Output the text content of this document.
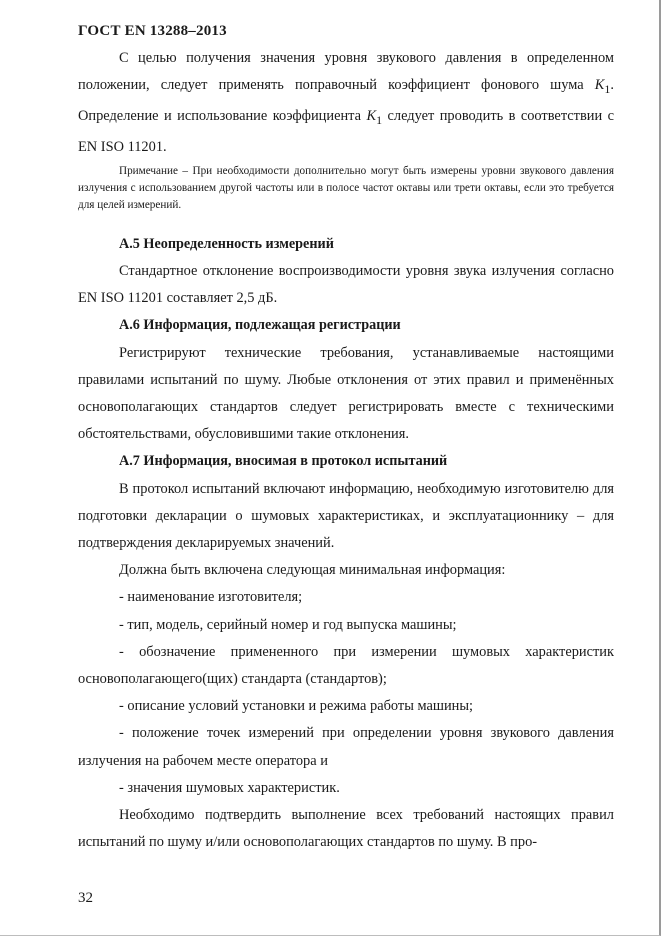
ГОСТ EN 13288–2013

С целью получения значения уровня звукового давления в определенном положении, следует применять поправочный коэффициент фонового шума $K_1$. Определение и использование коэффициента $K_1$ следует проводить в соответствии с EN ISO 11201.

Примечание – При необходимости дополнительно могут быть измерены уровни звукового давления излучения с использованием другой частоты или в полосе частот октавы или трети октавы, если это требуется для целей измерений.

А.5 Неопределенность измерений

Стандартное отклонение воспроизводимости уровня звука излучения согласно EN ISO 11201 составляет 2,5 дБ.

А.6 Информация, подлежащая регистрации

Регистрируют технические требования, устанавливаемые настоящими правилами испытаний по шуму. Любые отклонения от этих правил и применённых основополагающих стандартов следует регистрировать вместе с техническими обстоятельствами, обусловившими такие отклонения.

А.7 Информация, вносимая в протокол испытаний

В протокол испытаний включают информацию, необходимую изготовителю для подготовки декларации о шумовых характеристиках, и эксплуатационнику – для подтверждения декларируемых значений.

Должна быть включена следующая минимальная информация:

- наименование изготовителя;

- тип, модель, серийный номер и год выпуска машины;

- обозначение примененного при измерении шумовых характеристик основополагающего(щих) стандарта (стандартов);

- описание условий установки и режима работы машины;

- положение точек измерений при определении уровня звукового давления излучения на рабочем месте оператора и

- значения шумовых характеристик.

Необходимо подтвердить выполнение всех требований настоящих правил испытаний по шуму и/или основополагающих стандартов по шуму. В про-

32
